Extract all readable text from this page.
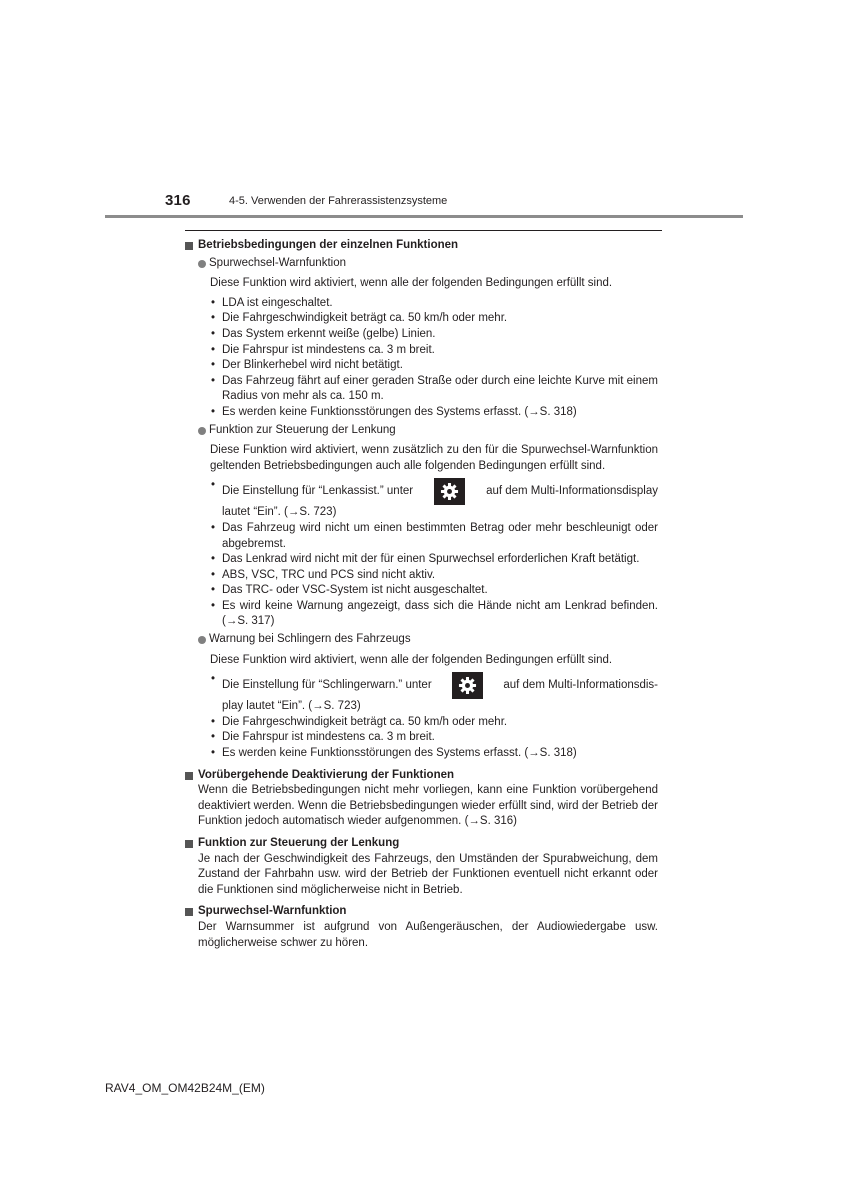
316	4-5. Verwenden der Fahrerassistenzsysteme
Betriebsbedingungen der einzelnen Funktionen
Spurwechsel-Warnfunktion
Diese Funktion wird aktiviert, wenn alle der folgenden Bedingungen erfüllt sind.
• LDA ist eingeschaltet.
• Die Fahrgeschwindigkeit beträgt ca. 50 km/h oder mehr.
• Das System erkennt weiße (gelbe) Linien.
• Die Fahrspur ist mindestens ca. 3 m breit.
• Der Blinkerhebel wird nicht betätigt.
• Das Fahrzeug fährt auf einer geraden Straße oder durch eine leichte Kurve mit einem Radius von mehr als ca. 150 m.
• Es werden keine Funktionsstörungen des Systems erfasst. (→S. 318)
Funktion zur Steuerung der Lenkung
Diese Funktion wird aktiviert, wenn zusätzlich zu den für die Spurwechsel-Warnfunktion geltenden Betriebsbedingungen auch alle folgenden Bedingungen erfüllt sind.
• Die Einstellung für “Lenkassist.” unter	auf dem Multi-Informationsdisplay
lautet “Ein”. (→S. 723)
• Das Fahrzeug wird nicht um einen bestimmten Betrag oder mehr beschleunigt oder abgebremst.
• Das Lenkrad wird nicht mit der für einen Spurwechsel erforderlichen Kraft betätigt.
• ABS, VSC, TRC und PCS sind nicht aktiv.
• Das TRC- oder VSC-System ist nicht ausgeschaltet.
• Es wird keine Warnung angezeigt, dass sich die Hände nicht am Lenkrad befinden. (→S. 317)
Warnung bei Schlingern des Fahrzeugs
Diese Funktion wird aktiviert, wenn alle der folgenden Bedingungen erfüllt sind.
• Die Einstellung für “Schlingerwarn.” unter	auf dem Multi-Informationsdis-
play lautet “Ein”. (→S. 723)
• Die Fahrgeschwindigkeit beträgt ca. 50 km/h oder mehr.
• Die Fahrspur ist mindestens ca. 3 m breit.
• Es werden keine Funktionsstörungen des Systems erfasst. (→S. 318)
Vorübergehende Deaktivierung der Funktionen
Wenn die Betriebsbedingungen nicht mehr vorliegen, kann eine Funktion vorübergehend deaktiviert werden. Wenn die Betriebsbedingungen wieder erfüllt sind, wird der Betrieb der Funktion jedoch automatisch wieder aufgenommen. (→S. 316)
Funktion zur Steuerung der Lenkung
Je nach der Geschwindigkeit des Fahrzeugs, den Umständen der Spurabweichung, dem Zustand der Fahrbahn usw. wird der Betrieb der Funktionen eventuell nicht erkannt oder die Funktionen sind möglicherweise nicht in Betrieb.
Spurwechsel-Warnfunktion
Der Warnsummer ist aufgrund von Außengeräuschen, der Audiowiedergabe usw. möglicherweise schwer zu hören.
RAV4_OM_OM42B24M_(EM)
